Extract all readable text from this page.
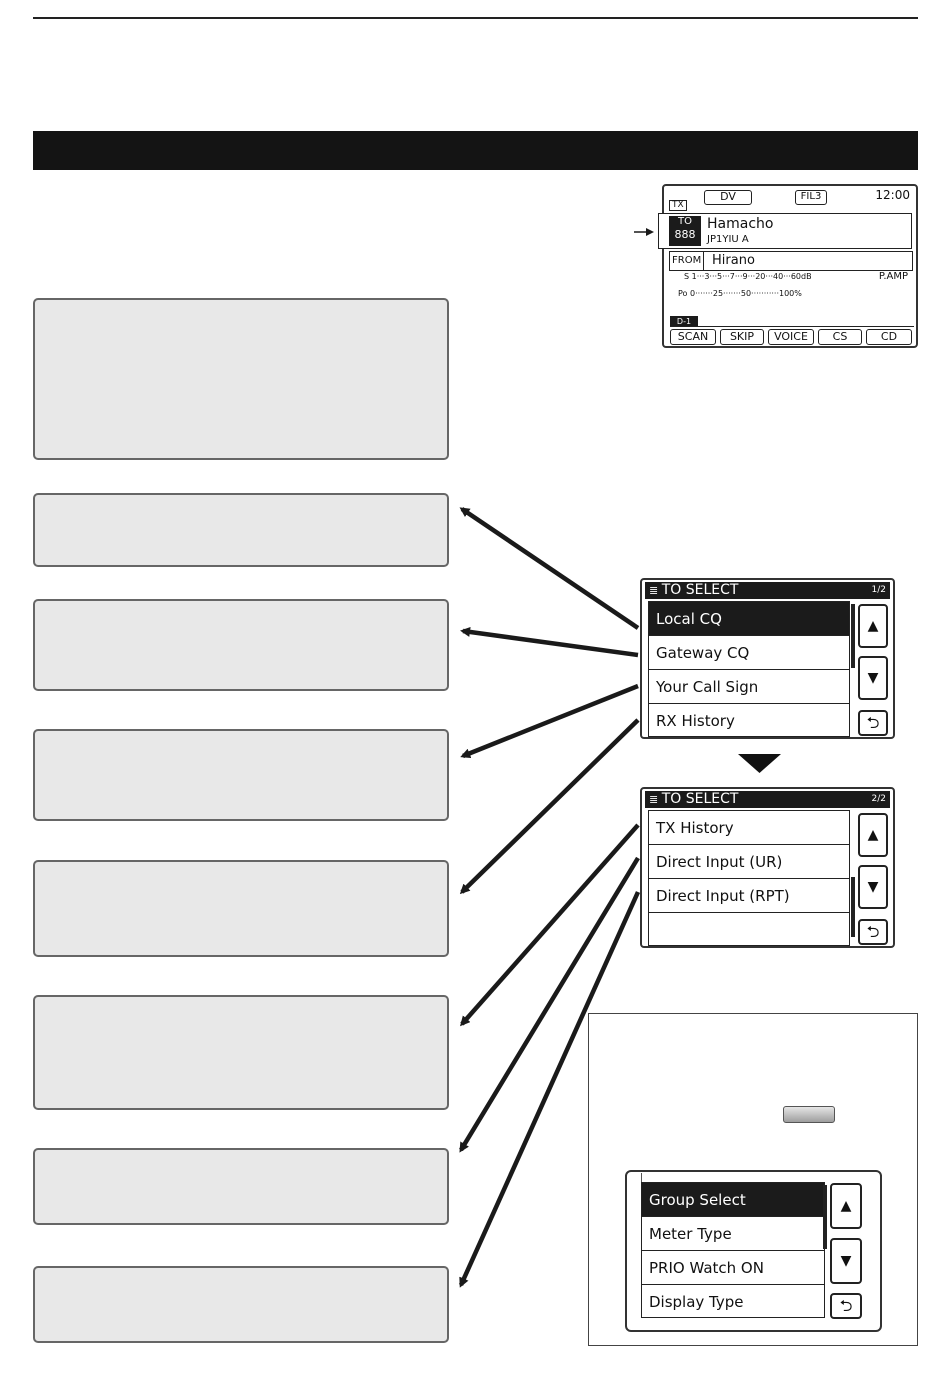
DV	FIL3	12:00
TX
TO
888
Hamacho
JP1YIU A
FROM Hirano
S 1···3···5···7···9···20···40···60dB	P.AMP
Po 0·······25·······50···········100%
D-1
SCAN	SKIP	VOICE	CS	CD
≣ TO SELECT	1/2
Local CQ
Gateway CQ
Your Call Sign
RX History
▲
▼
⮌
≣ TO SELECT	2/2
TX History
Direct Input (UR)
Direct Input (RPT)
▲
▼
⮌
Group Select
Meter Type
PRIO Watch ON
Display Type
▲
▼
⮌
